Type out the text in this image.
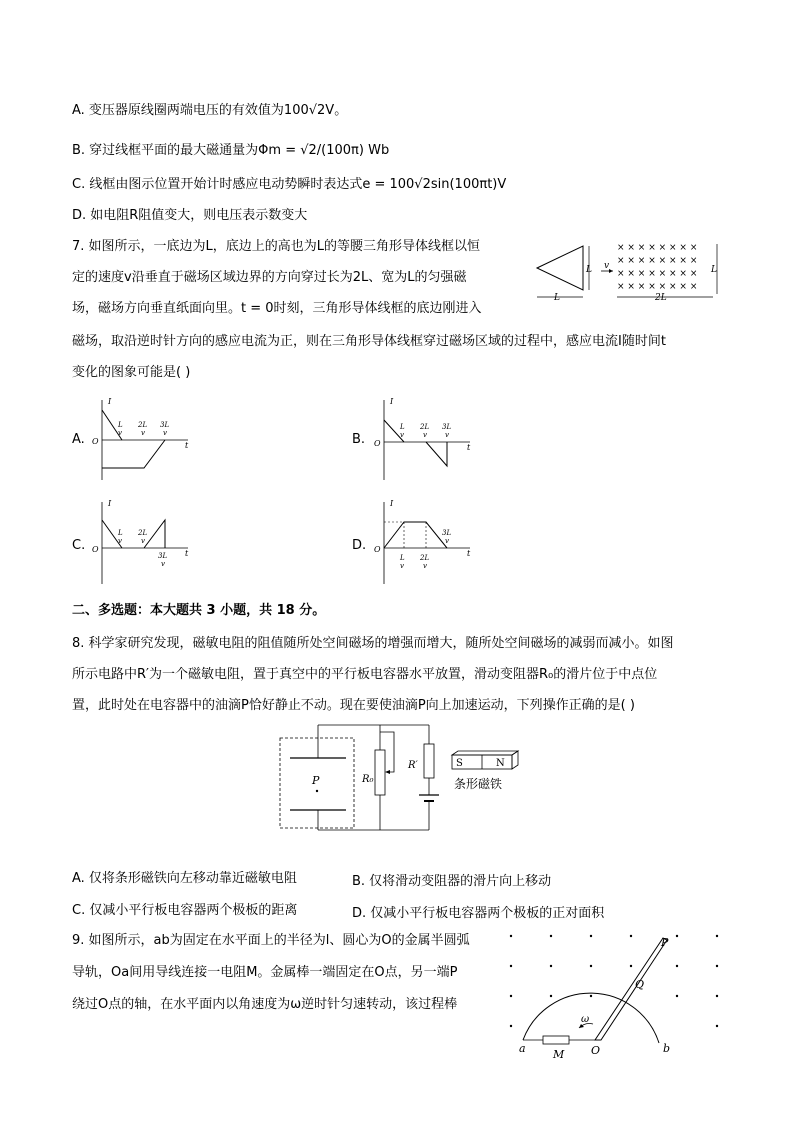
A. 变压器原线圈两端电压的有效值为100√2V。
B. 穿过线框平面的最大磁通量为Φm = √2/(100π) Wb
C. 线框由图示位置开始计时感应电动势瞬时表达式e = 100√2sin(100πt)V
D. 如电阻R阻值变大，则电压表示数变大
7. 如图所示，一底边为L，底边上的高也为L的等腰三角形导体线框以恒
定的速度v沿垂直于磁场区域边界的方向穿过长为2L、宽为L的匀强磁
场，磁场方向垂直纸面向里。t = 0时刻，三角形导体线框的底边刚进入
磁场，取沿逆时针方向的感应电流为正，则在三角形导体线框穿过磁场区域的过程中，感应电流I随时间t
变化的图象可能是( )
L
L
v
× × × × × × × ×
× × × × × × × ×
× × × × × × × ×
× × × × × × × ×
L
2L
A.
I
O	t
L
v
2L
v
3L
v	B.
I
O	t
L
v
2L
v
3L
v
C.
I
O	t
L
v
2L
v
3L
v
D.
I
O	t
L
v
2L
v
3L
v
二、多选题：本大题共 3 小题，共 18 分。
8. 科学家研究发现，磁敏电阻的阻值随所处空间磁场的增强而增大，随所处空间磁场的减弱而减小。如图
所示电路中R′为一个磁敏电阻，置于真空中的平行板电容器水平放置，滑动变阻器R₀的滑片位于中点位
置，此时处在电容器中的油滴P恰好静止不动。现在要使油滴P向上加速运动，下列操作正确的是( )
P	R₀
R′	S	N
条形磁铁
A. 仅将条形磁铁向左移动靠近磁敏电阻	B. 仅将滑动变阻器的滑片向上移动
C. 仅减小平行板电容器两个极板的距离	D. 仅减小平行板电容器两个极板的正对面积
9. 如图所示，ab为固定在水平面上的半径为l、圆心为O的金属半圆弧
导轨，Oa间用导线连接一电阻M。金属棒一端固定在O点，另一端P
绕过O点的轴，在水平面内以角速度为ω逆时针匀速转动，该过程棒
ω
P
Q
a M O	b
